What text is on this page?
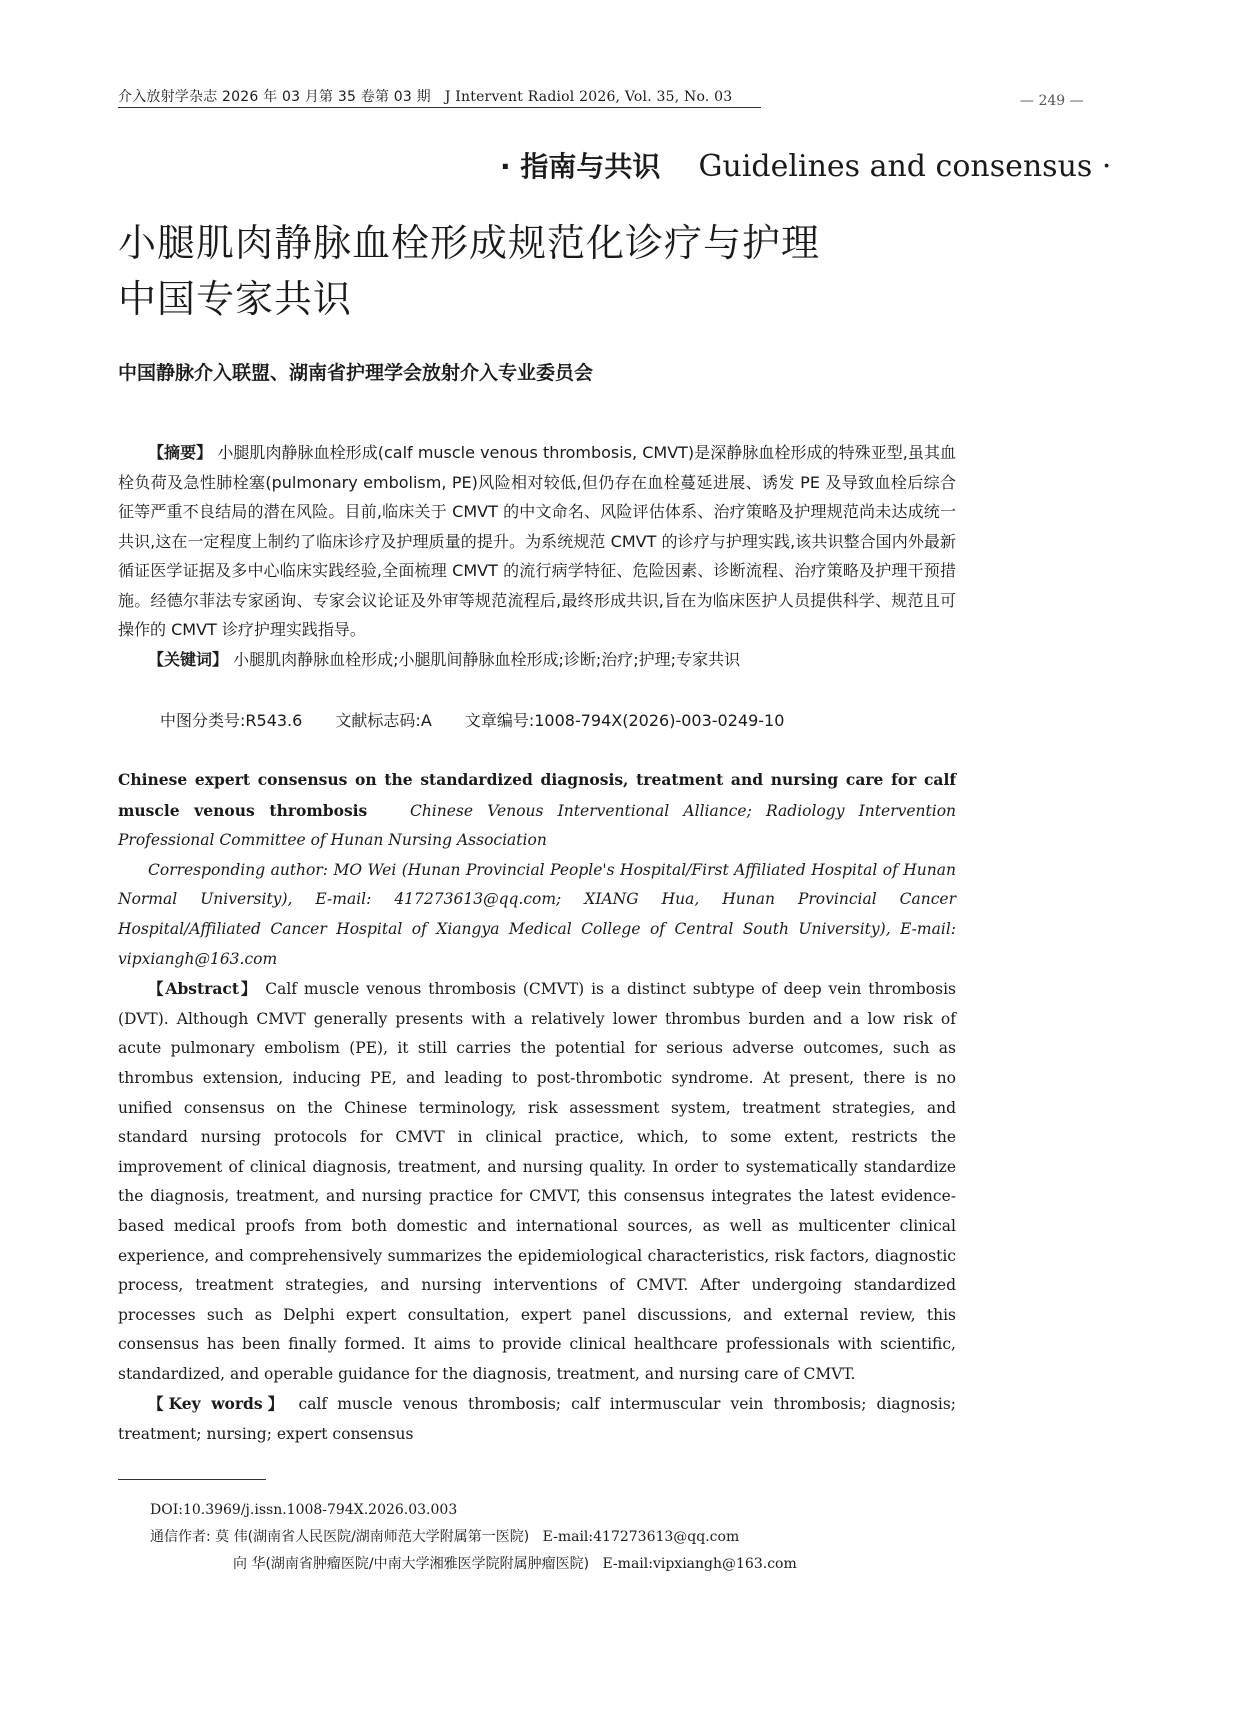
介入放射学杂志 2026 年 03 月第 35 卷第 03 期 J Intervent Radiol 2026, Vol. 35, No. 03	— 249 —
· 指南与共识 Guidelines and consensus ·
小腿肌肉静脉血栓形成规范化诊疗与护理
中国专家共识
中国静脉介入联盟、湖南省护理学会放射介入专业委员会
【摘要】 小腿肌肉静脉血栓形成(calf muscle venous thrombosis, CMVT)是深静脉血栓形成的特殊亚型,虽其血栓负荷及急性肺栓塞(pulmonary embolism, PE)风险相对较低,但仍存在血栓蔓延进展、诱发 PE 及导致血栓后综合征等严重不良结局的潜在风险。目前,临床关于 CMVT 的中文命名、风险评估体系、治疗策略及护理规范尚未达成统一共识,这在一定程度上制约了临床诊疗及护理质量的提升。为系统规范 CMVT 的诊疗与护理实践,该共识整合国内外最新循证医学证据及多中心临床实践经验,全面梳理 CMVT 的流行病学特征、危险因素、诊断流程、治疗策略及护理干预措施。经德尔菲法专家函询、专家会议论证及外审等规范流程后,最终形成共识,旨在为临床医护人员提供科学、规范且可操作的 CMVT 诊疗护理实践指导。
【关键词】 小腿肌肉静脉血栓形成;小腿肌间静脉血栓形成;诊断;治疗;护理;专家共识
中图分类号:R543.6 文献标志码:A 文章编号:1008-794X(2026)-003-0249-10
Chinese expert consensus on the standardized diagnosis, treatment and nursing care for calf muscle venous thrombosis	Chinese Venous Interventional Alliance; Radiology Intervention Professional Committee of Hunan Nursing Association
Corresponding author: MO Wei (Hunan Provincial People's Hospital/First Affiliated Hospital of Hunan Normal University), E-mail: 417273613@qq.com; XIANG Hua, Hunan Provincial Cancer Hospital/Affiliated Cancer Hospital of Xiangya Medical College of Central South University), E-mail: vipxiangh@163.com
【Abstract】 Calf muscle venous thrombosis (CMVT) is a distinct subtype of deep vein thrombosis (DVT). Although CMVT generally presents with a relatively lower thrombus burden and a low risk of acute pulmonary embolism (PE), it still carries the potential for serious adverse outcomes, such as thrombus extension, inducing PE, and leading to post-thrombotic syndrome. At present, there is no unified consensus on the Chinese terminology, risk assessment system, treatment strategies, and standard nursing protocols for CMVT in clinical practice, which, to some extent, restricts the improvement of clinical diagnosis, treatment, and nursing quality. In order to systematically standardize the diagnosis, treatment, and nursing practice for CMVT, this consensus integrates the latest evidence-based medical proofs from both domestic and international sources, as well as multicenter clinical experience, and comprehensively summarizes the epidemiological characteristics, risk factors, diagnostic process, treatment strategies, and nursing interventions of CMVT. After undergoing standardized processes such as Delphi expert consultation, expert panel discussions, and external review, this consensus has been finally formed. It aims to provide clinical healthcare professionals with scientific, standardized, and operable guidance for the diagnosis, treatment, and nursing care of CMVT.
【Key words】 calf muscle venous thrombosis; calf intermuscular vein thrombosis; diagnosis; treatment; nursing; expert consensus
DOI:10.3969/j.issn.1008-794X.2026.03.003
通信作者: 莫 伟(湖南省人民医院/湖南师范大学附属第一医院) E-mail:417273613@qq.com
向 华(湖南省肿瘤医院/中南大学湘雅医学院附属肿瘤医院) E-mail:vipxiangh@163.com
